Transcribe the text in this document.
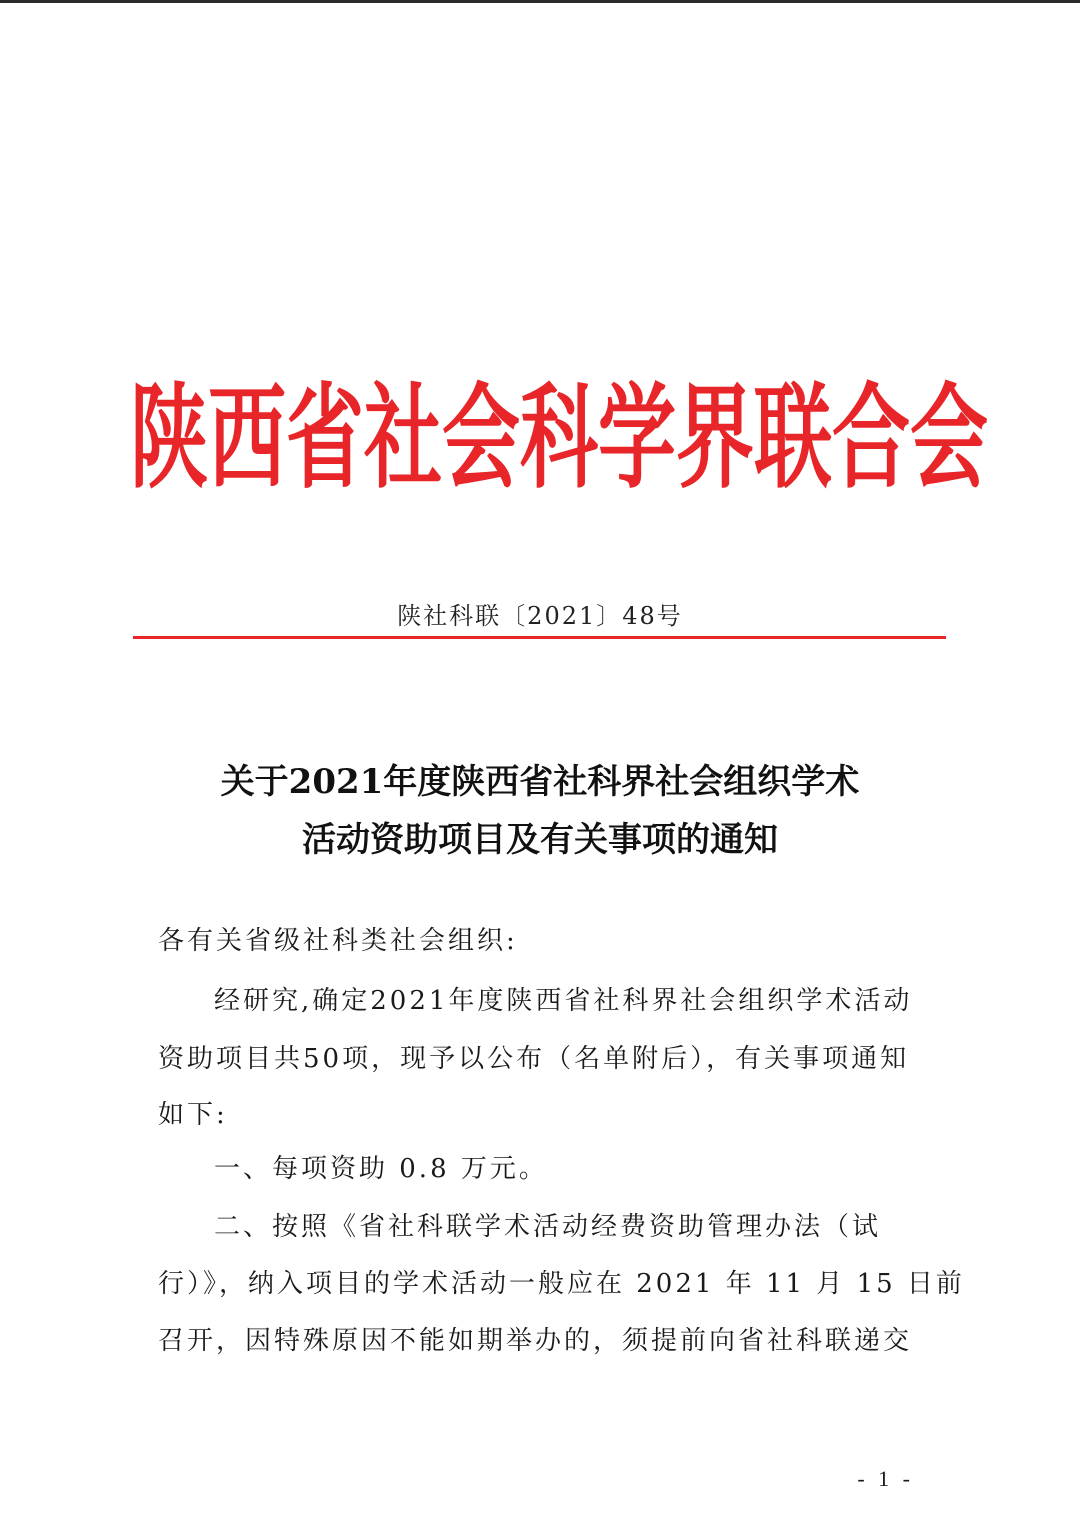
陕西省社会科学界联合会
陕社科联〔2021〕48号
关于2021年度陕西省社科界社会组织学术
活动资助项目及有关事项的通知
各有关省级社科类社会组织:
经研究,确定2021年度陕西省社科界社会组织学术活动
资助项目共50项，现予以公布（名单附后），有关事项通知
如下:
一、每项资助 0.8 万元。
二、按照《省社科联学术活动经费资助管理办法（试
行）》，纳入项目的学术活动一般应在 2021 年 11 月 15 日前
召开，因特殊原因不能如期举办的，须提前向省社科联递交
- 1 -
